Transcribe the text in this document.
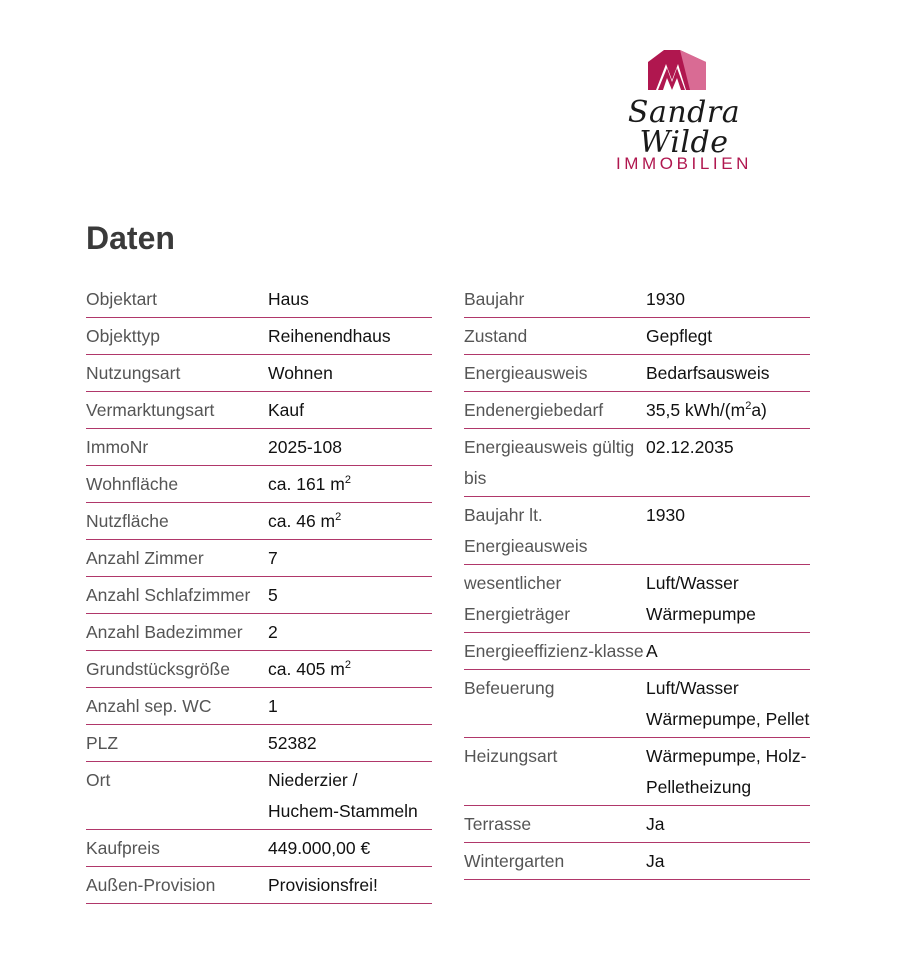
Sandra Wilde
IMMOBILIEN
Daten
Objektart	Haus
Objekttyp	Reihenendhaus
Nutzungsart	Wohnen
Vermarktungsart	Kauf
ImmoNr	2025-108
Wohnfläche	ca. 161 $m^2$
Nutzfläche	ca. 46 $m^2$
Anzahl Zimmer	7
Anzahl Schlafzimmer	5
Anzahl Badezimmer	2
Grundstücksgröße	ca. 405 $m^2$
Anzahl sep. WC	1
PLZ	52382
Ort	Niederzier / Huchem-Stammeln
Kaufpreis	449.000,00 €
Außen-Provision	Provisionsfrei!
Baujahr	1930
Zustand	Gepflegt
Energieausweis	Bedarfsausweis
Endenergiebedarf	35,5 kWh/$(m^2a)$
Energieausweis gültig bis	02.12.2035
Baujahr lt. Energieausweis	1930
wesentlicher Energieträger	Luft/Wasser Wärmepumpe
Energieeffizienz-klasse	A
Befeuerung	Luft/Wasser Wärmepumpe, Pellet
Heizungsart	Wärmepumpe, Holz-Pelletheizung
Terrasse	Ja
Wintergarten	Ja
